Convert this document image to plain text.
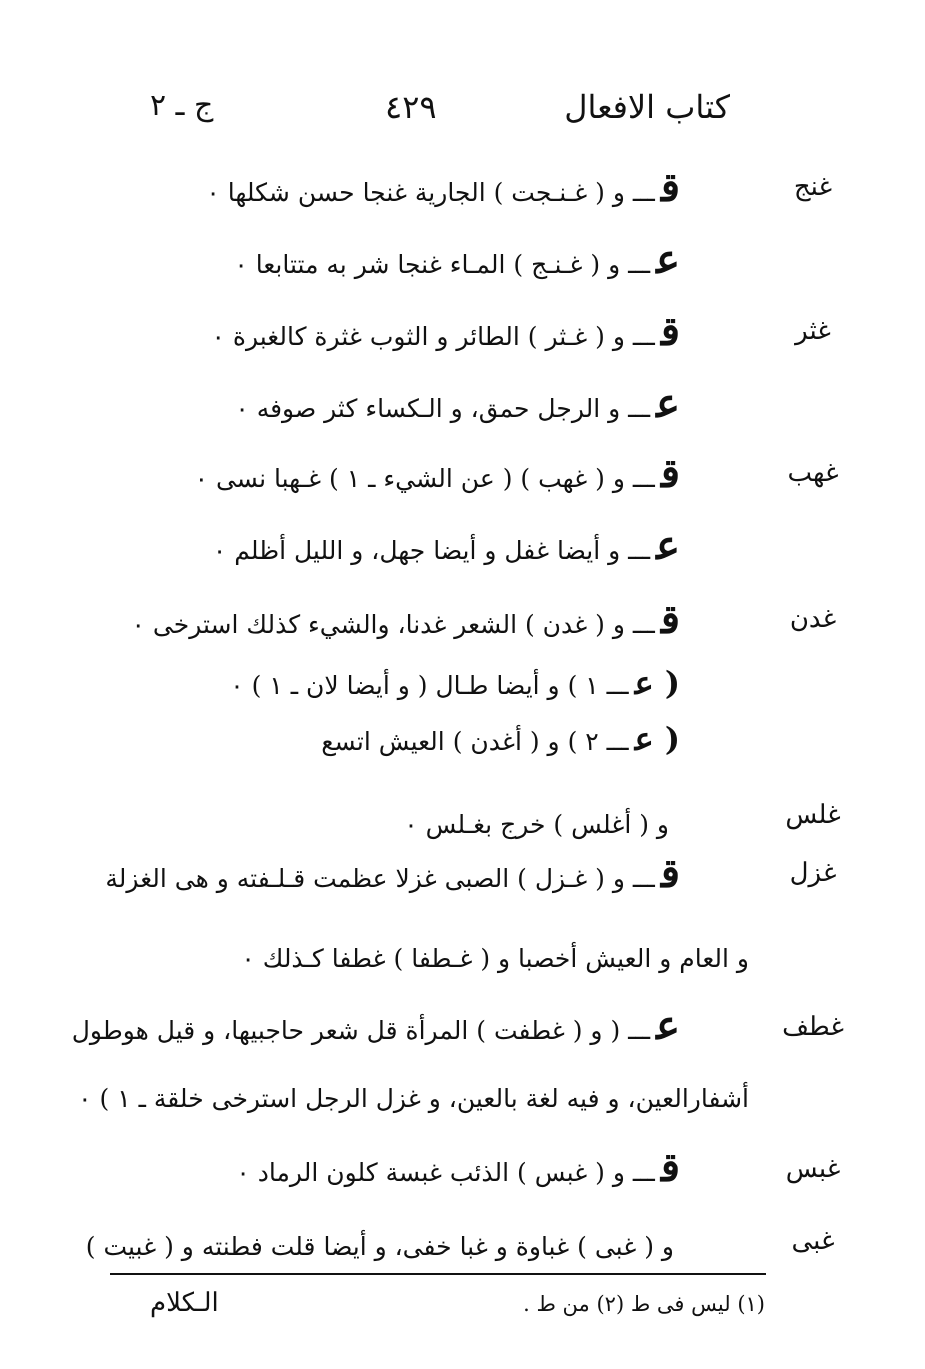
كتاب الافعال
٤٢٩
ج ـ ٢
غنج
قـــ و ( غـنـجت ) الجارية غنجا حسن شكلها ٠
عـــ و ( غـنـج ) المـاء غنجا شر به متتابعا ٠
غثر
قـــ و ( غـثر ) الطائر و الثوب غثرة كالغبرة ٠
عـــ و الرجل حمق، و الـكساء كثر صوفه ٠
غهب
قـــ و ( غهب ) ( عن الشيء ـ ١ ) غـهبا نسى ٠
عـــ و أيضا غفل و أيضا جهل، و الليل أظلم ٠
غدن
قـــ و ( غدن ) الشعر غدنا، والشيء كذلك استرخى ٠
( عـــ ١ ) و أيضا طـال ( و أيضا لان ـ ١ ) ٠
( عـــ ٢ ) و ( أغدن ) العيش اتسع
غلس
و ( أغلس ) خرج بغـلس ٠
غزل
قـــ و ( غـزل ) الصبى غزلا عظمت قـلـفته و هى الغزلة
و العام و العيش أخصبا و ( غـطفا ) غطفا كـذلك ٠
غطف
عـــ ( و ( غطفت ) المرأة قل شعر حاجبيها، و قيل هوطول
أشفارالعين، و فيه لغة بالعين، و غزل الرجل استرخى خلقة ـ ١ ) ٠
غبس
قـــ و ( غبس ) الذئب غبسة كلون الرماد ٠
غبى
و ( غبى ) غباوة و غبا خفى، و أيضا قلت فطنته و ( غبيت )
(١) ليس فى ط (٢) من ط .
الـكلام
